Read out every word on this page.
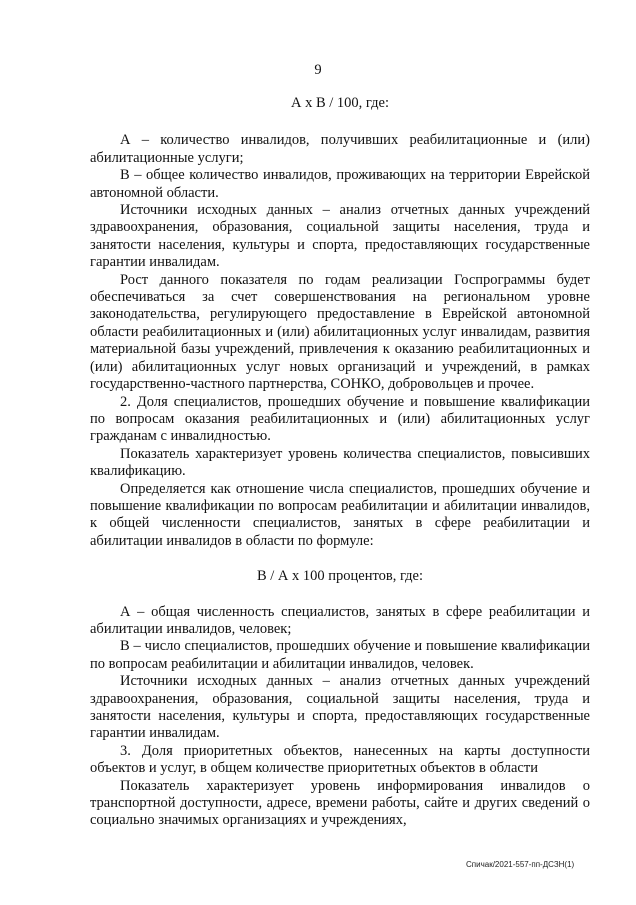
9

А х В / 100, где:

А – количество инвалидов, получивших реабилитационные и (или) абилитационные услуги;

В – общее количество инвалидов, проживающих на территории Еврейской автономной области.

Источники исходных данных – анализ отчетных данных учреждений здравоохранения, образования, социальной защиты населения, труда и занятости населения, культуры и спорта, предоставляющих государственные гарантии инвалидам.

Рост данного показателя по годам реализации Госпрограммы будет обеспечиваться за счет совершенствования на региональном уровне законодательства, регулирующего предоставление в Еврейской автономной области реабилитационных и (или) абилитационных услуг инвалидам, развития материальной базы учреждений, привлечения к оказанию реабилитационных и (или) абилитационных услуг новых организаций и учреждений, в рамках государственно-частного партнерства, СОНКО, добровольцев и прочее.

2. Доля специалистов, прошедших обучение и повышение квалификации по вопросам оказания реабилитационных и (или) абилитационных услуг гражданам с инвалидностью.

Показатель характеризует уровень количества специалистов, повысивших квалификацию.

Определяется как отношение числа специалистов, прошедших обучение и повышение квалификации по вопросам реабилитации и абилитации инвалидов, к общей численности специалистов, занятых в сфере реабилитации и абилитации инвалидов в области по формуле:

В / А х 100 процентов, где:

А – общая численность специалистов, занятых в сфере реабилитации и абилитации инвалидов, человек;

В – число специалистов, прошедших обучение и повышение квалификации по вопросам реабилитации и абилитации инвалидов, человек.

Источники исходных данных – анализ отчетных данных учреждений здравоохранения, образования, социальной защиты населения, труда и занятости населения, культуры и спорта, предоставляющих государственные гарантии инвалидам.

3. Доля приоритетных объектов, нанесенных на карты доступности объектов и услуг, в общем количестве приоритетных объектов в области

Показатель характеризует уровень информирования инвалидов о транспортной доступности, адресе, времени работы, сайте и других сведений о социально значимых организациях и учреждениях,

Спичак/2021-557-пп-ДСЗН(1)
